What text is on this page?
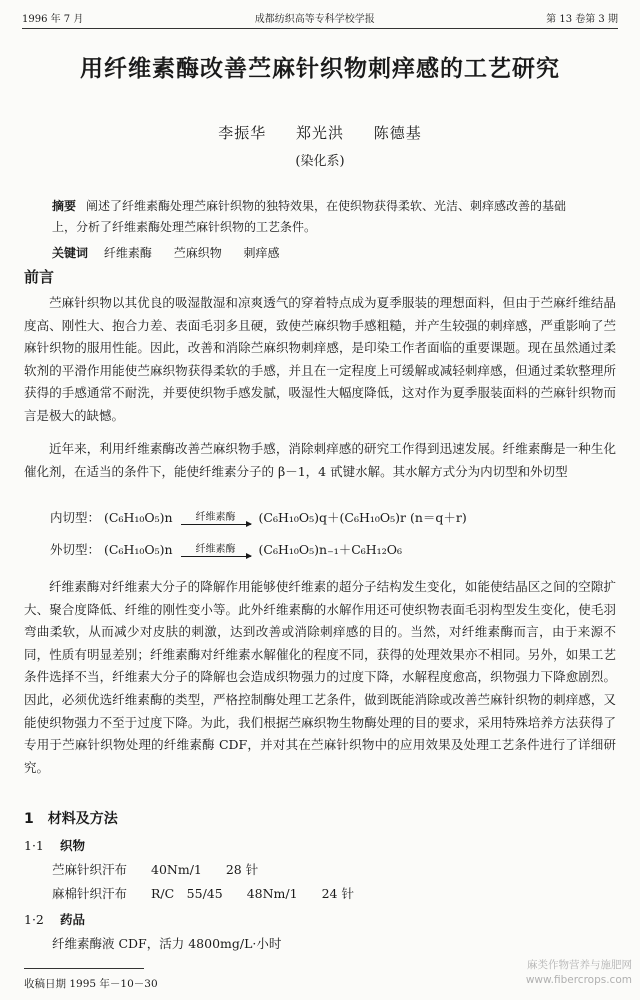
1996 年 7 月	成都纺织高等专科学校学报	第 13 卷第 3 期
用纤维素酶改善苎麻针织物刺痒感的工艺研究
李振华 郑光洪 陈德基
(染化系)
摘要 阐述了纤维素酶处理苎麻针织物的独特效果，在使织物获得柔软、光洁、刺痒感改善的基础上，分析了纤维素酶处理苎麻针织物的工艺条件。
关键词 纤维素酶 苎麻织物 刺痒感
前言
苎麻针织物以其优良的吸湿散湿和凉爽透气的穿着特点成为夏季服装的理想面料，但由于苎麻纤维结晶度高、刚性大、抱合力差、表面毛羽多且硬，致使苎麻织物手感粗糙，并产生较强的刺痒感，严重影响了苎麻针织物的服用性能。因此，改善和消除苎麻织物刺痒感，是印染工作者面临的重要课题。现在虽然通过柔软剂的平滑作用能使苎麻织物获得柔软的手感，并且在一定程度上可缓解或减轻刺痒感，但通过柔软整理所获得的手感通常不耐洗，并要使织物手感发腻，吸湿性大幅度降低，这对作为夏季服装面料的苎麻针织物而言是极大的缺憾。
近年来，利用纤维素酶改善苎麻织物手感，消除刺痒感的研究工作得到迅速发展。纤维素酶是一种生化催化剂，在适当的条件下，能使纤维素分子的 β－1，4 甙键水解。其水解方式分为内切型和外切型
内切型： (C₆H₁₀O₅)n	纤维素酶	(C₆H₁₀O₅)q＋(C₆H₁₀O₅)r (n＝q＋r)
外切型： (C₆H₁₀O₅)n	纤维素酶	(C₆H₁₀O₅)n₋₁＋C₆H₁₂O₆
纤维素酶对纤维素大分子的降解作用能够使纤维素的超分子结构发生变化，如能使结晶区之间的空隙扩大、聚合度降低、纤维的刚性变小等。此外纤维素酶的水解作用还可使织物表面毛羽构型发生变化，使毛羽弯曲柔软，从而减少对皮肤的刺激，达到改善或消除刺痒感的目的。当然，对纤维素酶而言，由于来源不同，性质有明显差别；纤维素酶对纤维素水解催化的程度不同，获得的处理效果亦不相同。另外，如果工艺条件选择不当，纤维素大分子的降解也会造成织物强力的过度下降，水解程度愈高，织物强力下降愈剧烈。因此，必须优选纤维素酶的类型，严格控制酶处理工艺条件，做到既能消除或改善苎麻针织物的刺痒感，又能使织物强力不至于过度下降。为此，我们根据苎麻织物生物酶处理的目的要求，采用特殊培养方法获得了专用于苎麻针织物处理的纤维素酶 CDF，并对其在苎麻针织物中的应用效果及处理工艺条件进行了详细研究。
1　材料及方法
1·1 织物
苎麻针织汗布 40Nm/1 28 针
麻棉针织汗布 R/C　55/45 48Nm/1 24 针
1·2 药品
纤维素酶液 CDF，活力 4800mg/L·小时
收稿日期 1995 年－10－30
麻类作物营养与施肥网
www.fibercrops.com
